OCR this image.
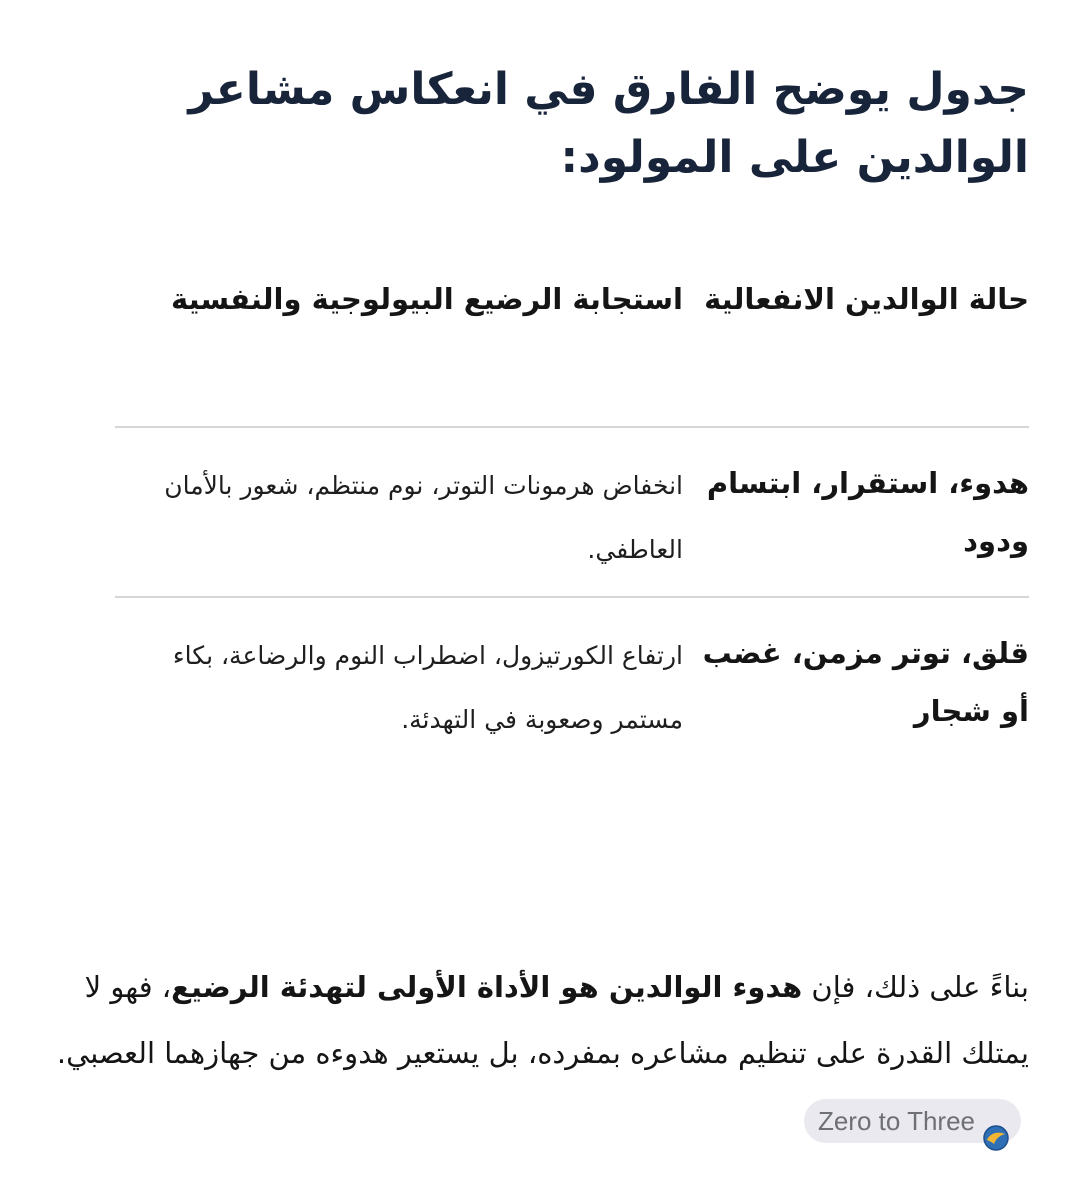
جدول يوضح الفارق في انعكاس مشاعر الوالدين على المولود:
حالة الوالدين الانفعالية
استجابة الرضيع البيولوجية والنفسية
هدوء، استقرار، ابتسام ودود
انخفاض هرمونات التوتر، نوم منتظم، شعور بالأمان العاطفي.
قلق، توتر مزمن، غضب أو شجار
ارتفاع الكورتيزول، اضطراب النوم والرضاعة، بكاء مستمر وصعوبة في التهدئة.

بناءً على ذلك، فإن هدوء الوالدين هو الأداة الأولى لتهدئة الرضيع، فهو لا يمتلك القدرة على تنظيم مشاعره بمفرده، بل يستعير هدوءه من جهازهما العصبي.
Zero to Three
